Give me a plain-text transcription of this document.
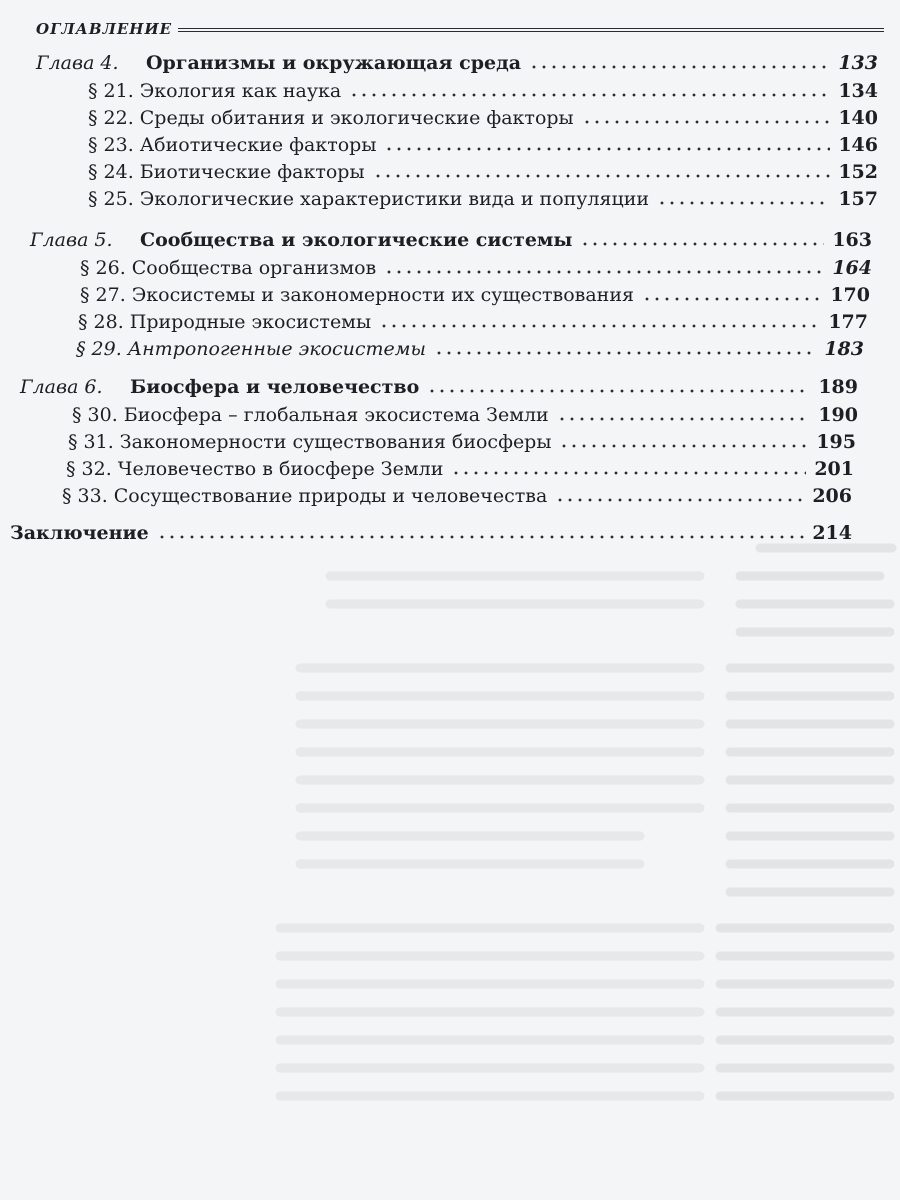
ОГЛАВЛЕНИЕ
Глава 4.	Организмы и окружающая среда	133
§ 21. Экология как наука	134
§ 22. Среды обитания и экологические факторы	140
§ 23. Абиотические факторы	146
§ 24. Биотические факторы	152
§ 25. Экологические характеристики вида и популяции	157
Глава 5.	Сообщества и экологические системы	163
§ 26. Сообщества организмов	164
§ 27. Экосистемы и закономерности их существования	170
§ 28. Природные экосистемы	177
§ 29. Антропогенные экосистемы	183
Глава 6.	Биосфера и человечество	189
§ 30. Биосфера – глобальная экосистема Земли	190
§ 31. Закономерности существования биосферы	195
§ 32. Человечество в биосфере Земли	201
§ 33. Сосуществование природы и человечества	206
Заключение	214
